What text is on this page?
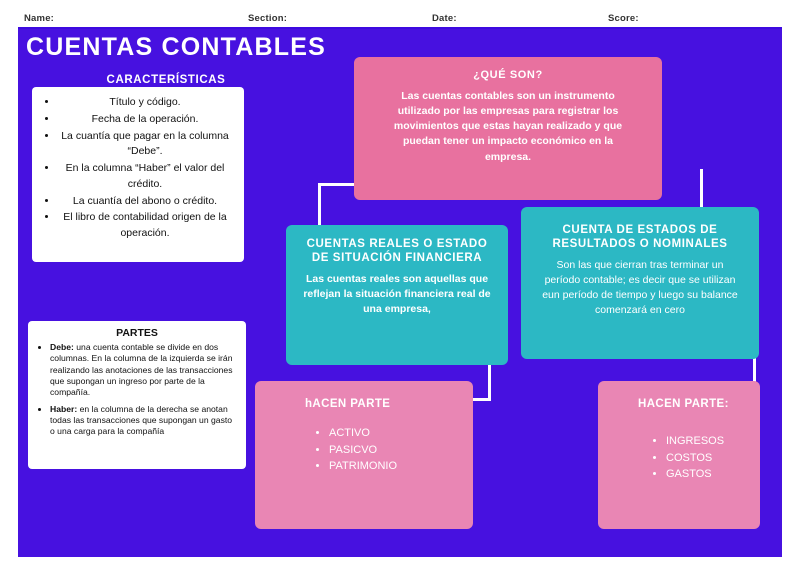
Name:	Section:	Date:	Score:
CUENTAS CONTABLES
CARACTERÍSTICAS
• Título y código.
• Fecha de la operación.
• La cuantía que pagar en la columna “Debe”.
• En la columna “Haber” el valor del crédito.
• La cuantía del abono o crédito.
• El libro de contabilidad origen de la operación.
PARTES
• Debe: una cuenta contable se divide en dos columnas. En la columna de la izquierda se irán realizando las anotaciones de las transacciones que supongan un ingreso por parte de la compañía.
• Haber: en la columna de la derecha se anotan todas las transacciones que supongan un gasto o una carga para la compañía
¿QUÉ SON?
Las cuentas contables son un instrumento utilizado por las empresas para registrar los movimientos que estas hayan realizado y que puedan tener un impacto económico en la empresa.
CUENTAS REALES O ESTADO DE SITUACIÓN FINANCIERA
Las cuentas reales son aquellas que reflejan la situación financiera real de una empresa,
CUENTA DE ESTADOS DE RESULTADOS O NOMINALES
Son las que cierran tras terminar un período contable; es decir que se utilizan eun período de tiempo y luego su balance comenzará en cero
hACEN PARTE
• ACTIVO
• PASICVO
• PATRIMONIO
HACEN PARTE:
• INGRESOS
• COSTOS
• GASTOS
